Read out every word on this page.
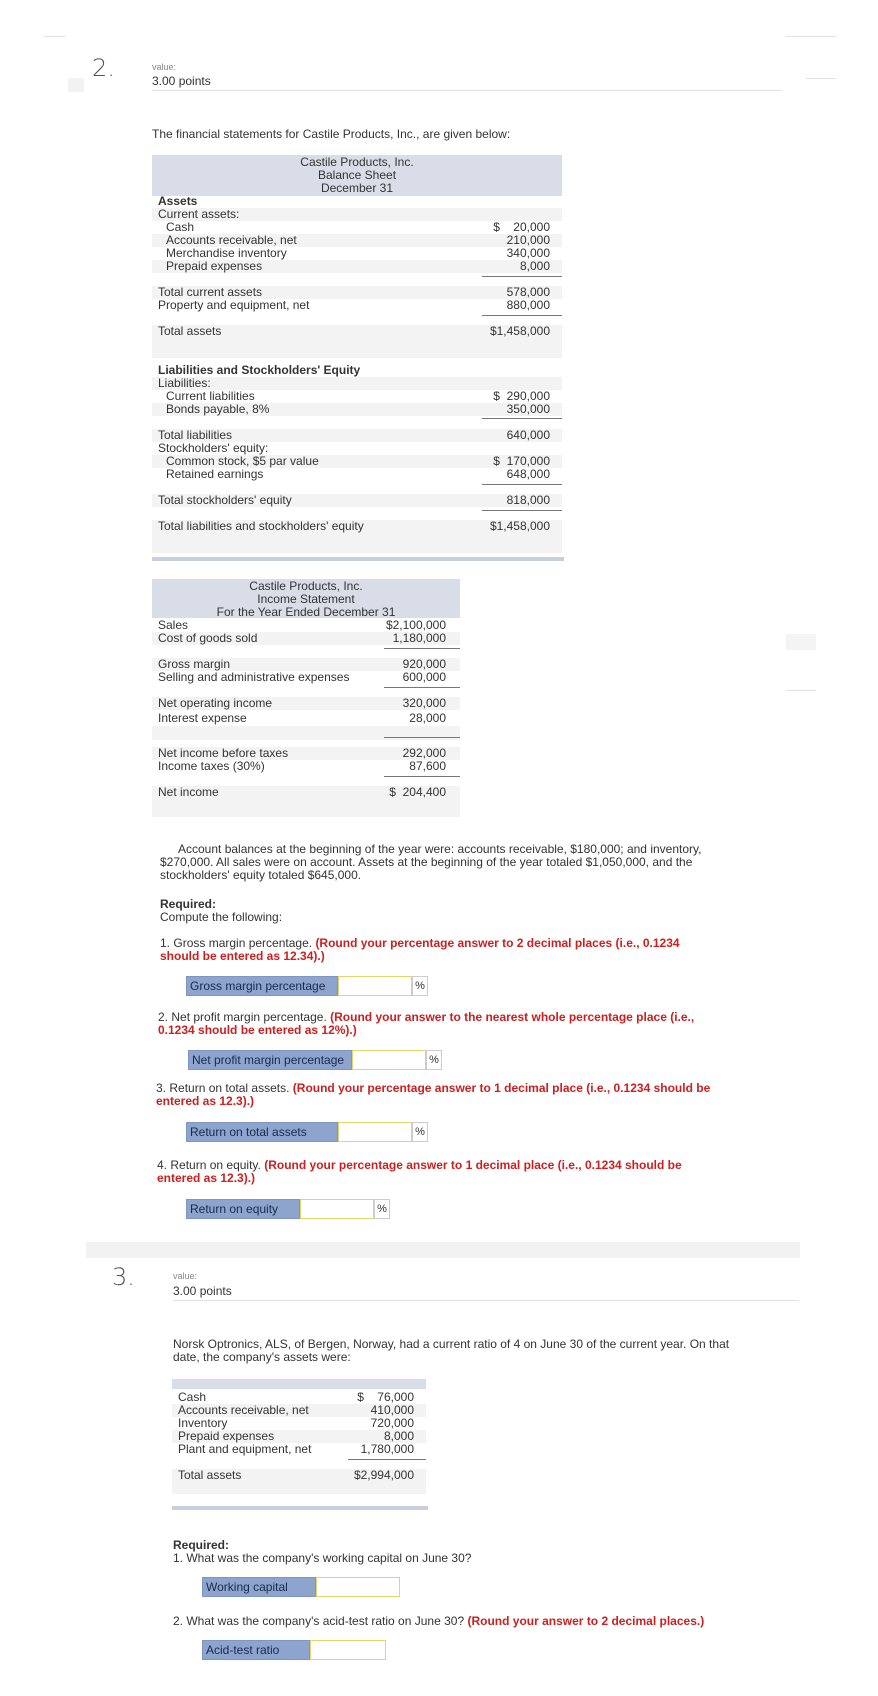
2.	value:
3.00 points
The financial statements for Castile Products, Inc., are given below:
Castile Products, Inc.
Balance Sheet
December 31
Assets
Current assets:
Cash	$    20,000
Accounts receivable, net	210,000
Merchandise inventory	340,000
Prepaid expenses	8,000
Total current assets	578,000
Property and equipment, net	880,000
Total assets	$1,458,000
Liabilities and Stockholders' Equity
Liabilities:
Current liabilities	$  290,000
Bonds payable, 8%	350,000
Total liabilities	640,000
Stockholders' equity:
Common stock, $5 par value	$  170,000
Retained earnings	648,000
Total stockholders' equity	818,000
Total liabilities and stockholders' equity	$1,458,000
Castile Products, Inc.
Income Statement
For the Year Ended December 31
Sales	$2,100,000
Cost of goods sold	1,180,000
Gross margin	920,000
Selling and administrative expenses	600,000
Net operating income	320,000
Interest expense	28,000
Net income before taxes	292,000
Income taxes (30%)	87,600
Net income	$  204,400
Account balances at the beginning of the year were: accounts receivable, $180,000; and inventory, $270,000. All sales were on account. Assets at the beginning of the year totaled $1,050,000, and the stockholders' equity totaled $645,000.
Required:
Compute the following:
1. Gross margin percentage. (Round your percentage answer to 2 decimal places (i.e., 0.1234 should be entered as 12.34).)
Gross margin percentage	%
2. Net profit margin percentage. (Round your answer to the nearest whole percentage place (i.e., 0.1234 should be entered as 12%).)
Net profit margin percentage	%
3. Return on total assets. (Round your percentage answer to 1 decimal place (i.e., 0.1234 should be entered as 12.3).)
Return on total assets	%
4. Return on equity. (Round your percentage answer to 1 decimal place (i.e., 0.1234 should be entered as 12.3).)
Return on equity	%
3.	value:
3.00 points
Norsk Optronics, ALS, of Bergen, Norway, had a current ratio of 4 on June 30 of the current year. On that date, the company's assets were:
Cash	$    76,000
Accounts receivable, net	410,000
Inventory	720,000
Prepaid expenses	8,000
Plant and equipment, net	1,780,000
Total assets	$2,994,000
Required:
1. What was the company's working capital on June 30?
Working capital
2. What was the company's acid-test ratio on June 30? (Round your answer to 2 decimal places.)
Acid-test ratio
